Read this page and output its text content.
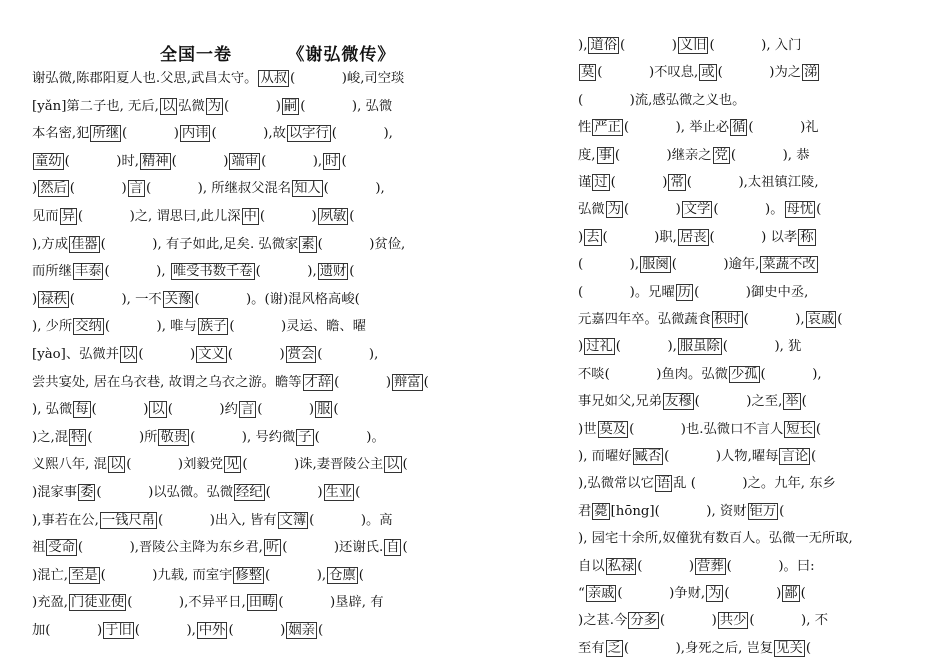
全国一卷        《谢弘微传》
谢弘微,陈郡阳夏人也.父思,武昌太守。 从叔 (           )峻,司空琰
[yǎn]第二子也, 无后, 以 弘微 为 (           ) 嗣 (           ), 弘微
本名密,犯 所继 (           ) 内讳 (           ),故 以字行 (           ),
童幼 (           )时, 精神 (           ) 端审 (           ), 时 (
) 然后 (           ) 言 (           ), 所继叔父混名 知人 (           ),
见而 异 (           )之, 谓思曰,此儿深 中 (           ) 夙敏 (
),方成 佳器 (           ), 有子如此,足矣. 弘微家 素 (           )贫俭,
而所继 丰泰 (           ), 唯受书数千卷 (           ), 遗财 (
) 禄秩 (           ), 一不 关豫 (           )。(谢)混风格高峻(
), 少所 交纳 (           ), 唯与 族子 (           )灵运、瞻、曜
[yào]、弘微并 以 (           ) 文义 (           ) 赏会 (           ),
尝共宴处, 居在乌衣巷, 故谓之乌衣之游。瞻等 才辞 (           ) 辩富 (
), 弘微 每 (           ) 以 (           )约 言 (           ) 服 (
)之,混 特 (           )所 敬贵 (           ), 号约微 子 (           )。
义熙八年, 混 以 (           )刘毅党 见 (           )诛,妻晋陵公主 以 (
)混家事 委 (           )以弘微。弘微 经纪 (           ) 生业 (
),事若在公, 一钱尺帛 (           )出入, 皆有 文簿 (           )。高
祖 受命 (           ),晋陵公主降为东乡君, 听 (           )还谢氏. 自 (
)混亡, 至是 (           )九载, 而室宇 修整 (           ), 仓廪 (
)充盈, 门徒业使 (           ),不异平日, 田畴 (           )垦辟, 有
加(           ) 于旧 (           ), 中外 (           ) 姻亲 (
), 道俗 (           ) 义旧 (           ), 入门
莫 (           )不叹息, 或 (           )为之 涕
(           )流,感弘微之义也。
性 严正 (           ), 举止必 循 (           )礼
度, 事 (           )继亲之 党 (           ), 恭
谨 过 (           ) 常 (           ),太祖镇江陵,
弘微 为 (           ) 文学 (           )。 母忧 (
) 去 (           )职, 居丧 (           ) 以孝 称
(           ), 服阕 (           )逾年, 菜蔬不改
(           )。兄曜 历 (           )御史中丞,
元嘉四年卒。弘微蔬食 积时 (           ), 哀戚 (
) 过礼 (           ), 服虽除 (           ), 犹
不啖(           )鱼肉。弘微 少孤 (           ),
事兄如父,兄弟 友穆 (           )之至, 举 (
)世 莫及 (           )也.弘微口不言人 短长 (
), 而曜好 臧否 (           )人物,曜每 言论 (
),弘微常以它 语 乱 (           )之。九年, 东乡
君 薨 [hōng](           ), 资财 钜万 (
), 园宅十余所,奴僮犹有数百人。弘微一无所取,
自以 私禄 (           ) 营葬 (           )。曰:
“ 亲戚 (           )争财, 为 (           ) 鄙 (
)之甚.今 分多 (           ) 共少 (           ), 不
至有 乏 (           ),身死之后, 岂复 见关 (
